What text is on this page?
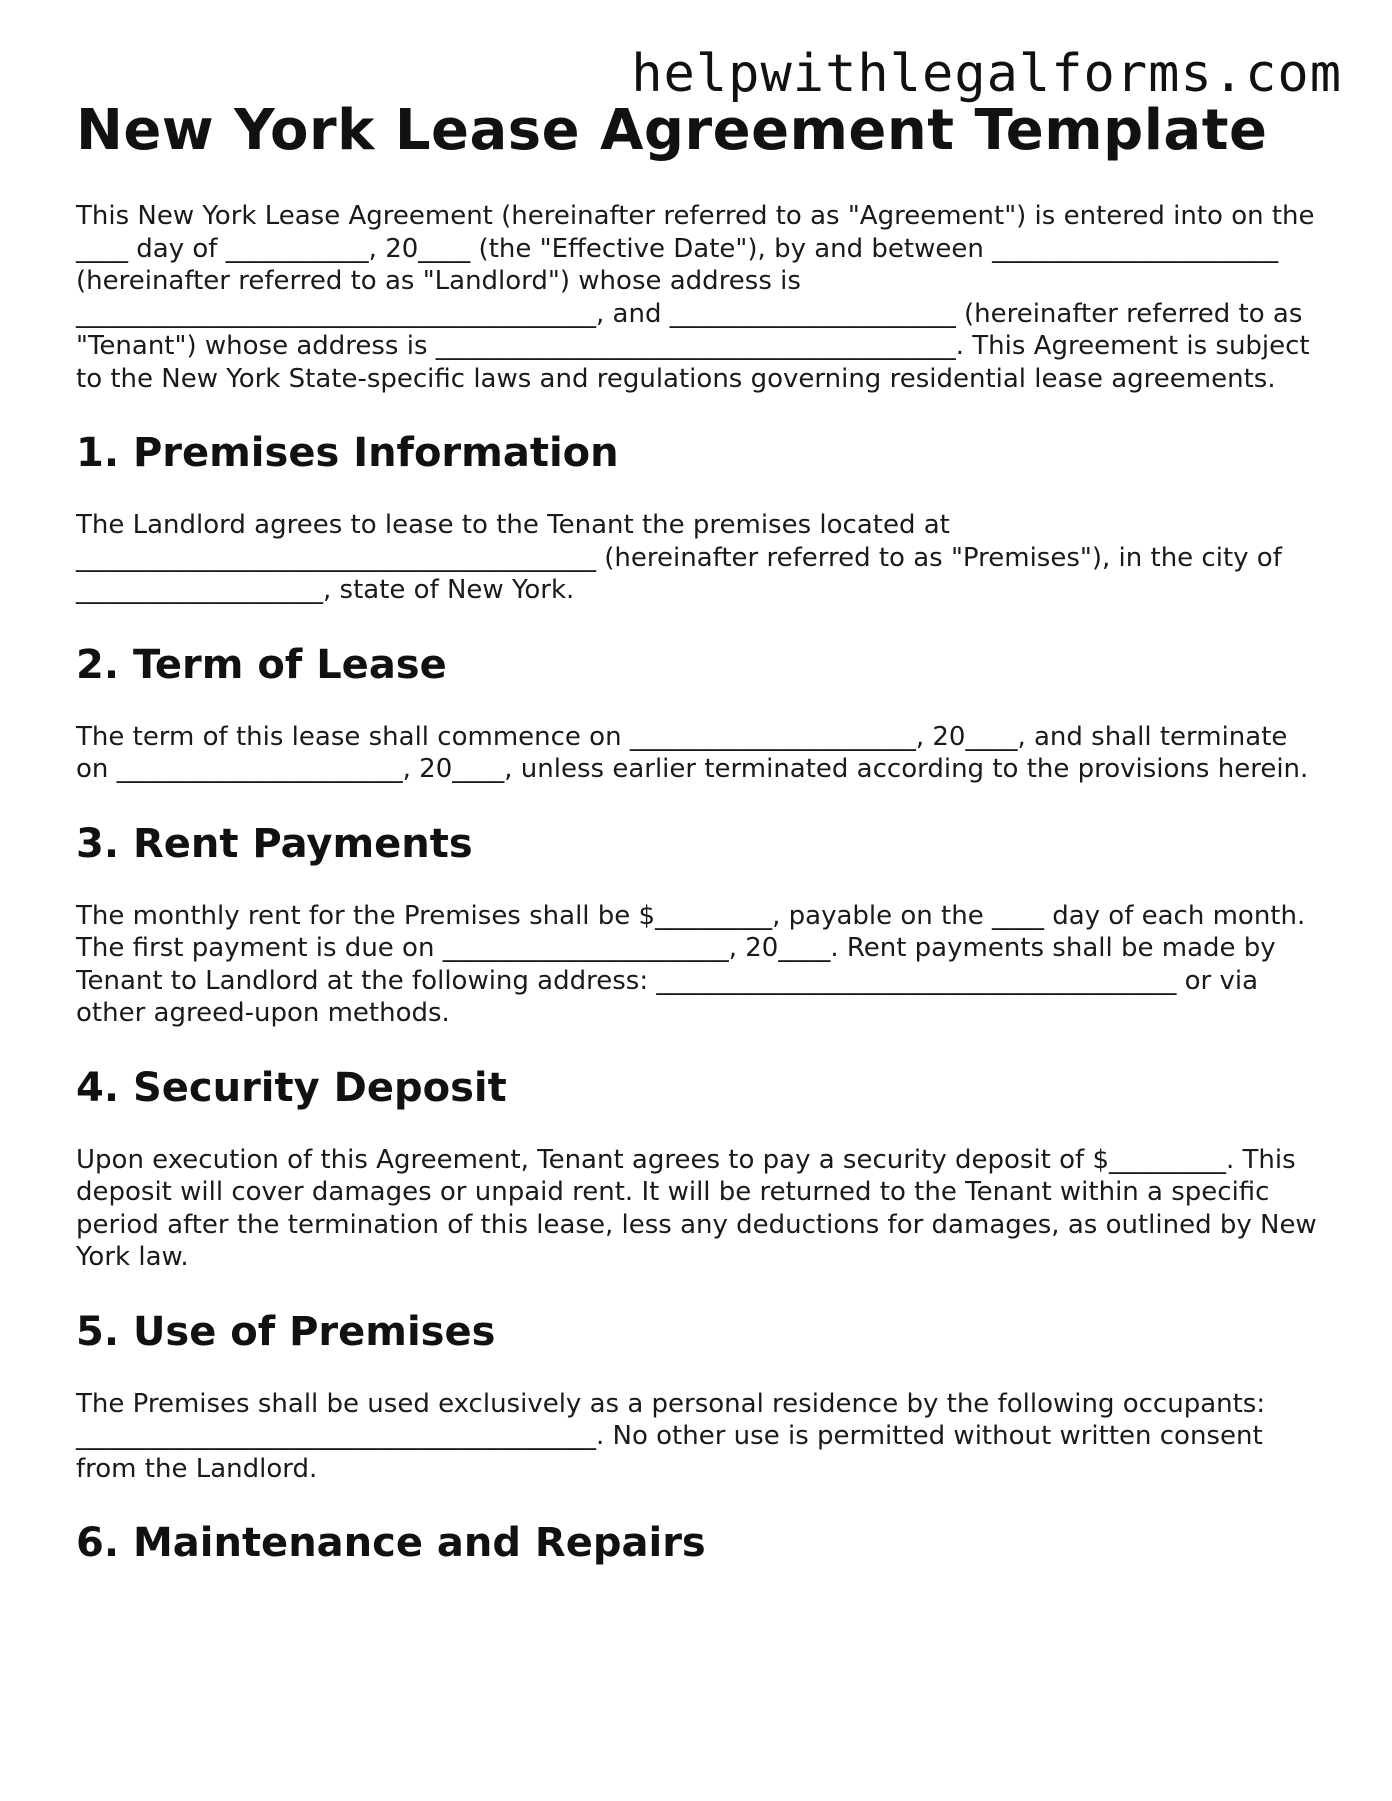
helpwithlegalforms.com
New York Lease Agreement Template

This New York Lease Agreement (hereinafter referred to as "Agreement") is entered into on the ____ day of ___________, 20____ (the "Effective Date"), by and between ______________________ (hereinafter referred to as "Landlord") whose address is ________________________________________, and ______________________ (hereinafter referred to as "Tenant") whose address is ________________________________________. This Agreement is subject to the New York State-specific laws and regulations governing residential lease agreements.

1. Premises Information

The Landlord agrees to lease to the Tenant the premises located at ________________________________________ (hereinafter referred to as "Premises"), in the city of ___________________, state of New York.

2. Term of Lease

The term of this lease shall commence on ______________________, 20____, and shall terminate on ______________________, 20____, unless earlier terminated according to the provisions herein.

3. Rent Payments

The monthly rent for the Premises shall be $_________, payable on the ____ day of each month. The first payment is due on ______________________, 20____. Rent payments shall be made by Tenant to Landlord at the following address: ________________________________________ or via other agreed-upon methods.

4. Security Deposit

Upon execution of this Agreement, Tenant agrees to pay a security deposit of $_________. This deposit will cover damages or unpaid rent. It will be returned to the Tenant within a specific period after the termination of this lease, less any deductions for damages, as outlined by New York law.

5. Use of Premises

The Premises shall be used exclusively as a personal residence by the following occupants: ________________________________________. No other use is permitted without written consent from the Landlord.

6. Maintenance and Repairs
